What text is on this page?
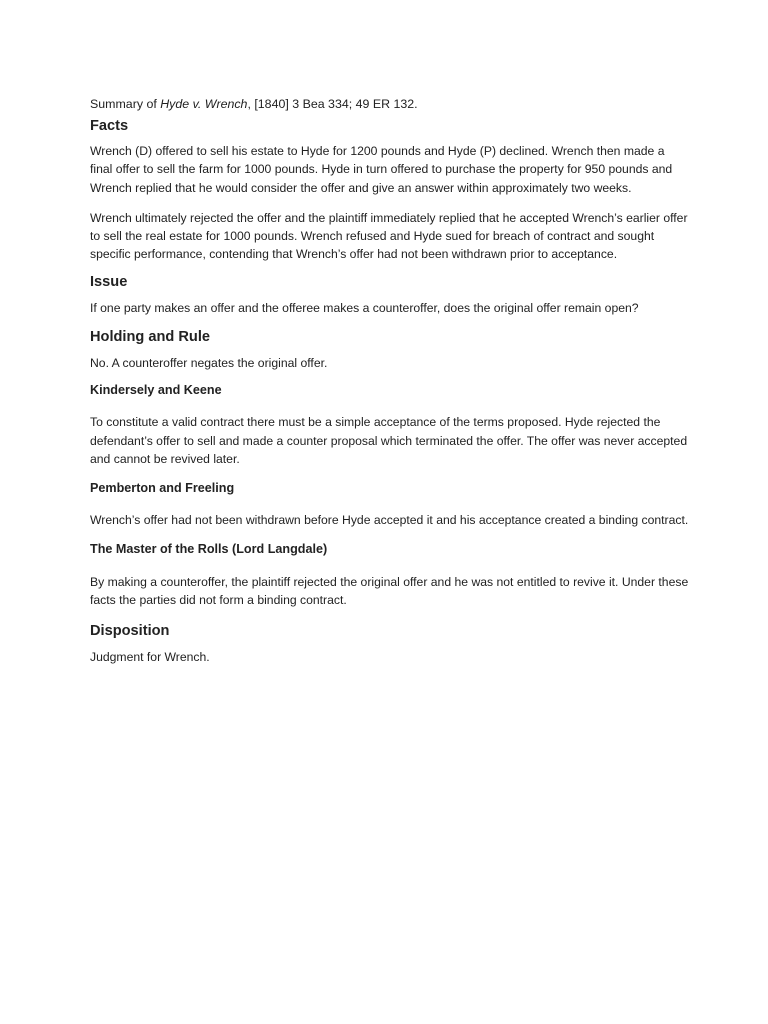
Summary of Hyde v. Wrench, [1840] 3 Bea 334; 49 ER 132.

Facts

Wrench (D) offered to sell his estate to Hyde for 1200 pounds and Hyde (P) declined. Wrench then made a final offer to sell the farm for 1000 pounds. Hyde in turn offered to purchase the property for 950 pounds and Wrench replied that he would consider the offer and give an answer within approximately two weeks.

Wrench ultimately rejected the offer and the plaintiff immediately replied that he accepted Wrench’s earlier offer to sell the real estate for 1000 pounds. Wrench refused and Hyde sued for breach of contract and sought specific performance, contending that Wrench’s offer had not been withdrawn prior to acceptance.

Issue

If one party makes an offer and the offeree makes a counteroffer, does the original offer remain open?

Holding and Rule

No. A counteroffer negates the original offer.

Kindersely and Keene

To constitute a valid contract there must be a simple acceptance of the terms proposed. Hyde rejected the defendant’s offer to sell and made a counter proposal which terminated the offer. The offer was never accepted and cannot be revived later.

Pemberton and Freeling

Wrench’s offer had not been withdrawn before Hyde accepted it and his acceptance created a binding contract.

The Master of the Rolls (Lord Langdale)

By making a counteroffer, the plaintiff rejected the original offer and he was not entitled to revive it. Under these facts the parties did not form a binding contract.

Disposition

Judgment for Wrench.
